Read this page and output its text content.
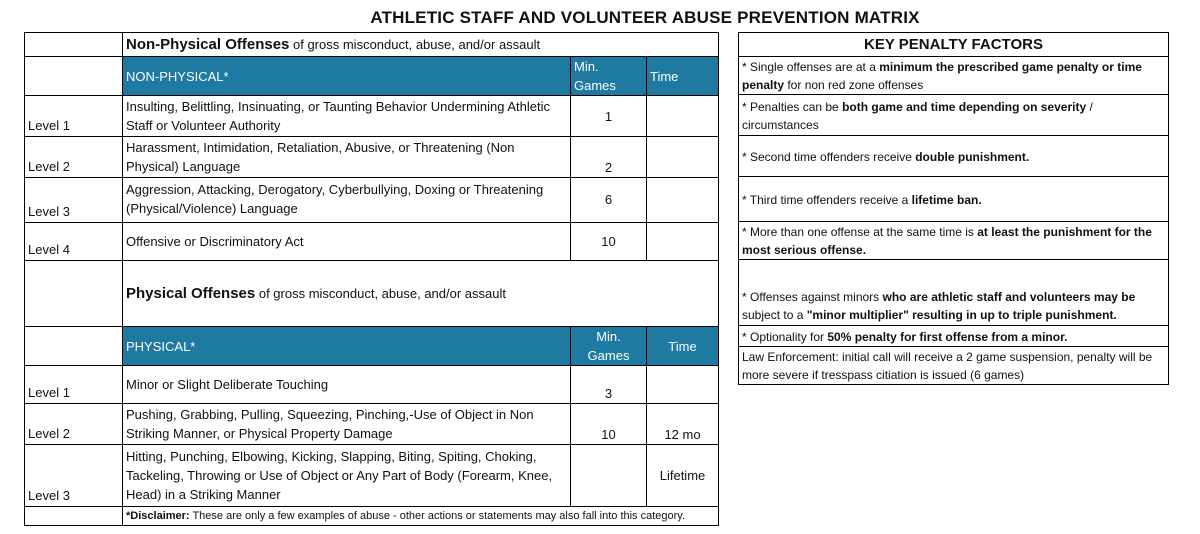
ATHLETIC STAFF AND VOLUNTEER ABUSE PREVENTION MATRIX
	Non-Physical Offenses of gross misconduct, abuse, and/or assault		
	NON-PHYSICAL*	Min. Games	Time
Level 1	Insulting, Belittling, Insinuating, or Taunting Behavior Undermining Athletic Staff or Volunteer Authority	1	
Level 2	Harassment, Intimidation, Retaliation, Abusive, or Threatening (Non Physical) Language	2	
Level 3	Aggression, Attacking, Derogatory, Cyberbullying, Doxing or Threatening (Physical/Violence) Language	6	
Level 4	Offensive or Discriminatory Act	10	
	Physical Offenses of gross misconduct, abuse, and/or assault		
	PHYSICAL*	Min. Games	Time
Level 1	Minor or Slight Deliberate Touching	3	
Level 2	Pushing, Grabbing, Pulling, Squeezing, Pinching,-Use of Object in Non Striking Manner, or Physical Property Damage	10	12 mo
Level 3	Hitting, Punching, Elbowing, Kicking, Slapping, Biting, Spiting, Choking, Tackeling, Throwing or Use of Object or Any Part of Body (Forearm, Knee, Head) in a Striking Manner		Lifetime
	*Disclaimer: These are only a few examples of abuse - other actions or statements may also fall into this category.		
KEY PENALTY FACTORS
* Single offenses are at a minimum the prescribed game penalty or time penalty for non red zone offenses
* Penalties can be both game and time depending on severity / circumstances
* Second time offenders receive double punishment.
* Third time offenders receive a lifetime ban.
* More than one offense at the same time is at least the punishment for the most serious offense.
* Offenses against minors who are athletic staff and volunteers may be subject to a "minor multiplier" resulting in up to triple punishment.
* Optionality for 50% penalty for first offense from a minor.
Law Enforcement: initial call will receive a 2 game suspension, penalty will be more severe if tresspass citiation is issued (6 games)
